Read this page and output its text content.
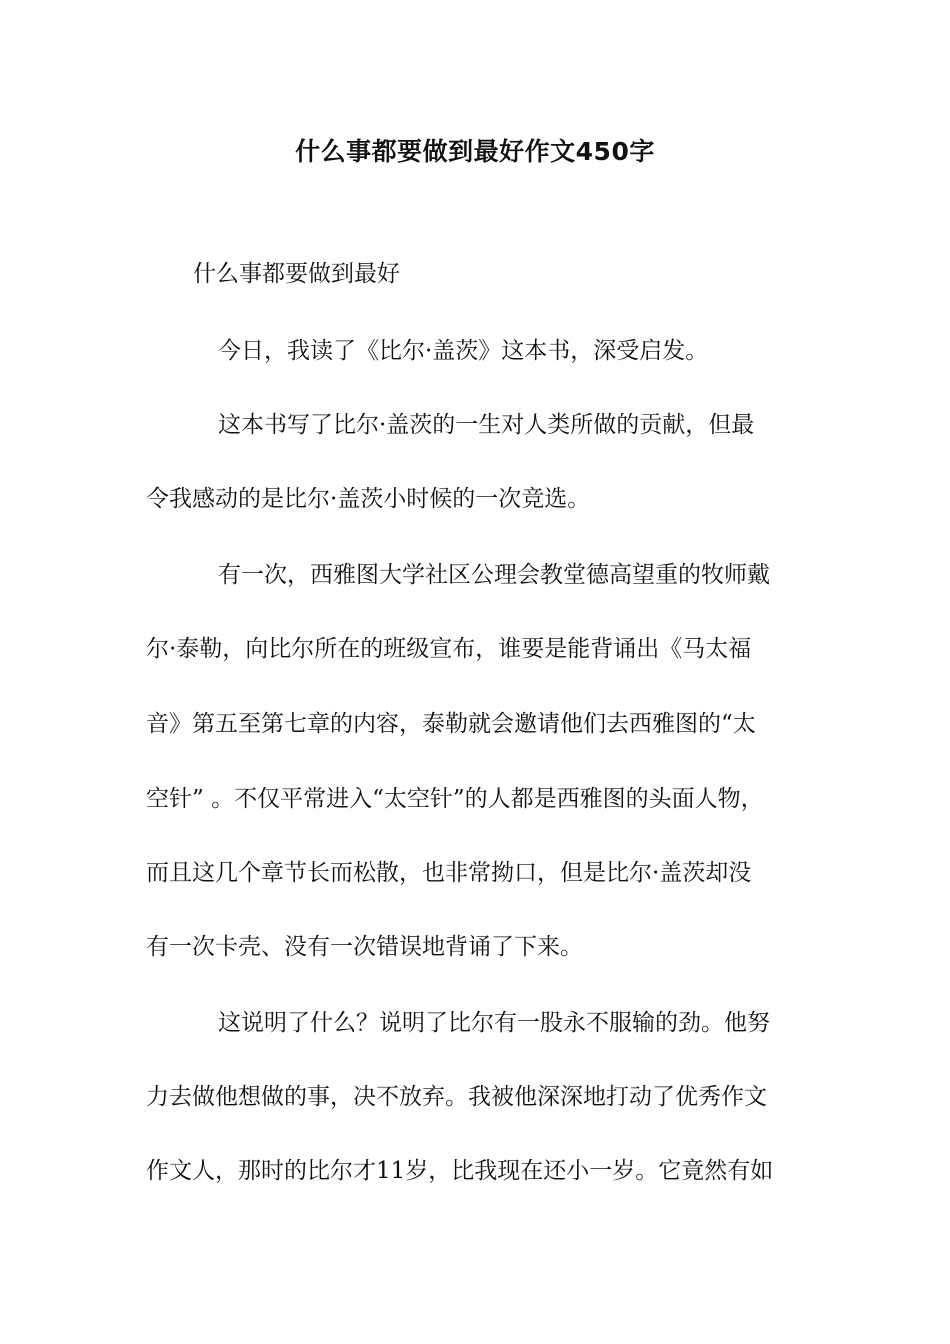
什么事都要做到最好作文450字
什么事都要做到最好
今日，我读了《比尔·盖茨》这本书，深受启发。
这本书写了比尔·盖茨的一生对人类所做的贡献，但最
令我感动的是比尔·盖茨小时候的一次竞选。
有一次，西雅图大学社区公理会教堂德高望重的牧师戴
尔·泰勒，向比尔所在的班级宣布，谁要是能背诵出《马太福
音》第五至第七章的内容，泰勒就会邀请他们去西雅图的“太
空针” 。不仅平常进入“太空针”的人都是西雅图的头面人物，
而且这几个章节长而松散，也非常拗口，但是比尔·盖茨却没
有一次卡壳、没有一次错误地背诵了下来。
这说明了什么？说明了比尔有一股永不服输的劲。他努
力去做他想做的事，决不放弃。我被他深深地打动了优秀作文
作文人，那时的比尔才11岁，比我现在还小一岁。它竟然有如
